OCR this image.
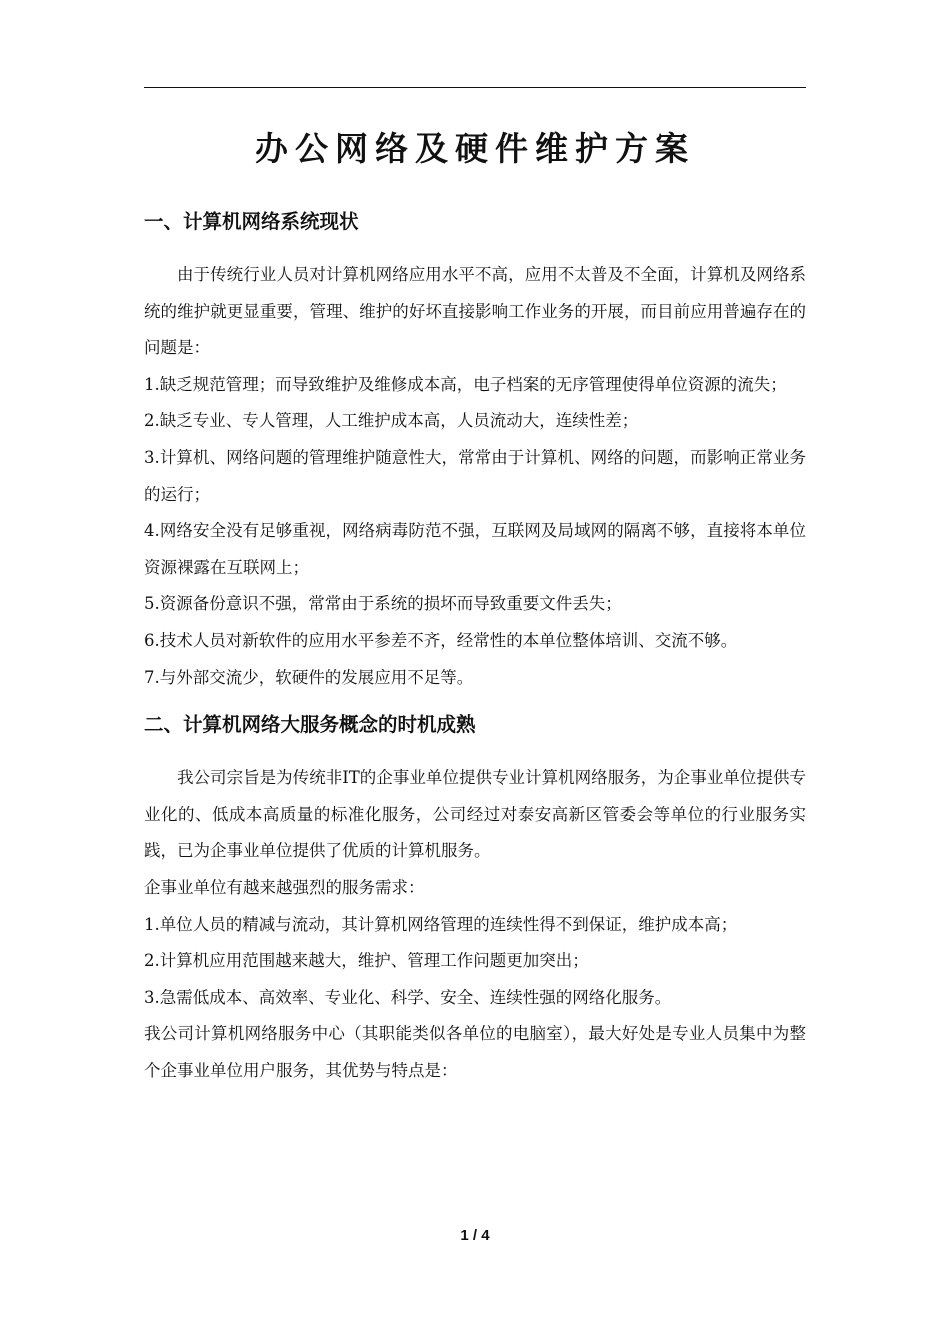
办公网络及硬件维护方案
一、计算机网络系统现状

由于传统行业人员对计算机网络应用水平不高，应用不太普及不全面，计算机及网络系统的维护就更显重要，管理、维护的好坏直接影响工作业务的开展，而目前应用普遍存在的问题是：

1.缺乏规范管理；而导致维护及维修成本高，电子档案的无序管理使得单位资源的流失；

2.缺乏专业、专人管理，人工维护成本高，人员流动大，连续性差；

3.计算机、网络问题的管理维护随意性大，常常由于计算机、网络的问题，而影响正常业务的运行；

4.网络安全没有足够重视，网络病毒防范不强，互联网及局域网的隔离不够，直接将本单位资源裸露在互联网上；

5.资源备份意识不强，常常由于系统的损坏而导致重要文件丢失；

6.技术人员对新软件的应用水平参差不齐，经常性的本单位整体培训、交流不够。

7.与外部交流少，软硬件的发展应用不足等。

二、计算机网络大服务概念的时机成熟

我公司宗旨是为传统非IT的企事业单位提供专业计算机网络服务，为企事业单位提供专业化的、低成本高质量的标准化服务，公司经过对泰安高新区管委会等单位的行业服务实践，已为企事业单位提供了优质的计算机服务。

企事业单位有越来越强烈的服务需求：

1.单位人员的精减与流动，其计算机网络管理的连续性得不到保证，维护成本高；

2.计算机应用范围越来越大，维护、管理工作问题更加突出；

3.急需低成本、高效率、专业化、科学、安全、连续性强的网络化服务。

我公司计算机网络服务中心（其职能类似各单位的电脑室），最大好处是专业人员集中为整个企事业单位用户服务，其优势与特点是：

1 / 4
